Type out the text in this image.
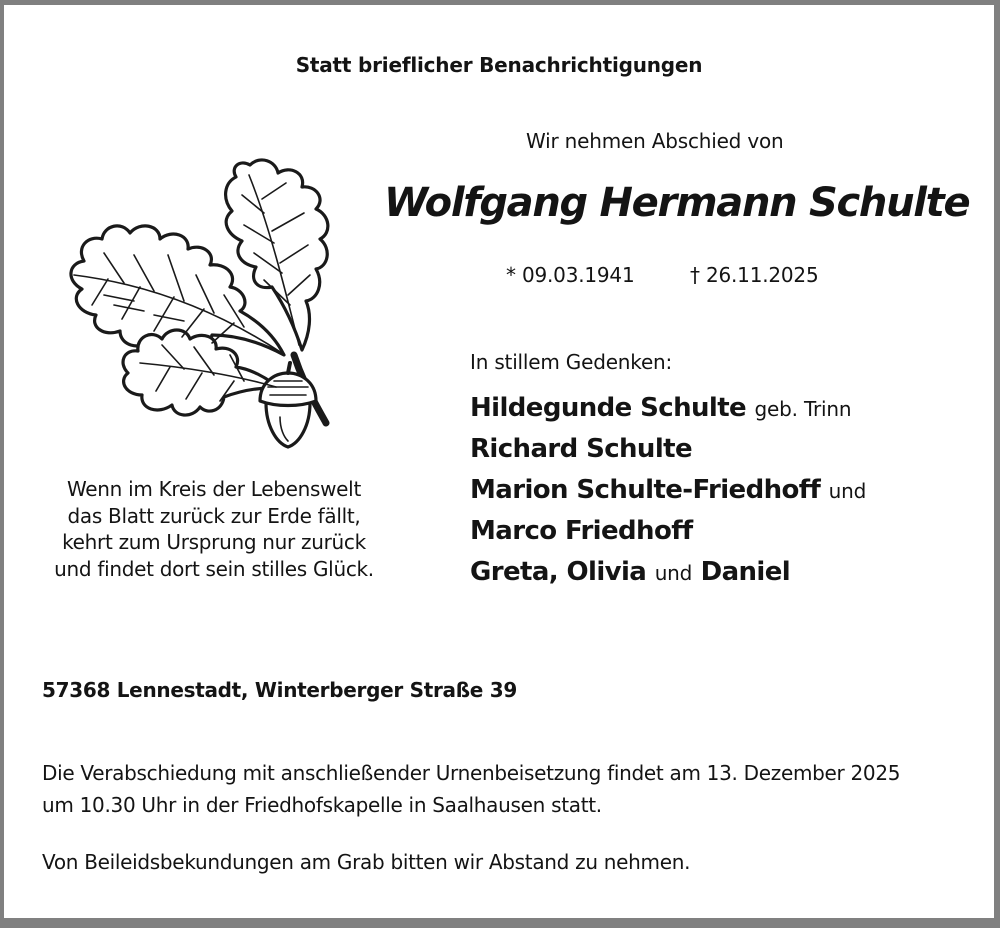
Statt brieflicher Benachrichtigungen
Wir nehmen Abschied von
Wolfgang Hermann Schulte
* 09.03.1941	† 26.11.2025
In stillem Gedenken:
Hildegunde Schulte geb. Trinn
Richard Schulte
Marion Schulte-Friedhoff und
Marco Friedhoff
Greta, Olivia und Daniel
Wenn im Kreis der Lebenswelt
das Blatt zurück zur Erde fällt,
kehrt zum Ursprung nur zurück
und findet dort sein stilles Glück.
57368 Lennestadt, Winterberger Straße 39
Die Verabschiedung mit anschließender Urnenbeisetzung findet am 13. Dezember 2025
um 10.30 Uhr in der Friedhofskapelle in Saalhausen statt.
Von Beileidsbekundungen am Grab bitten wir Abstand zu nehmen.
